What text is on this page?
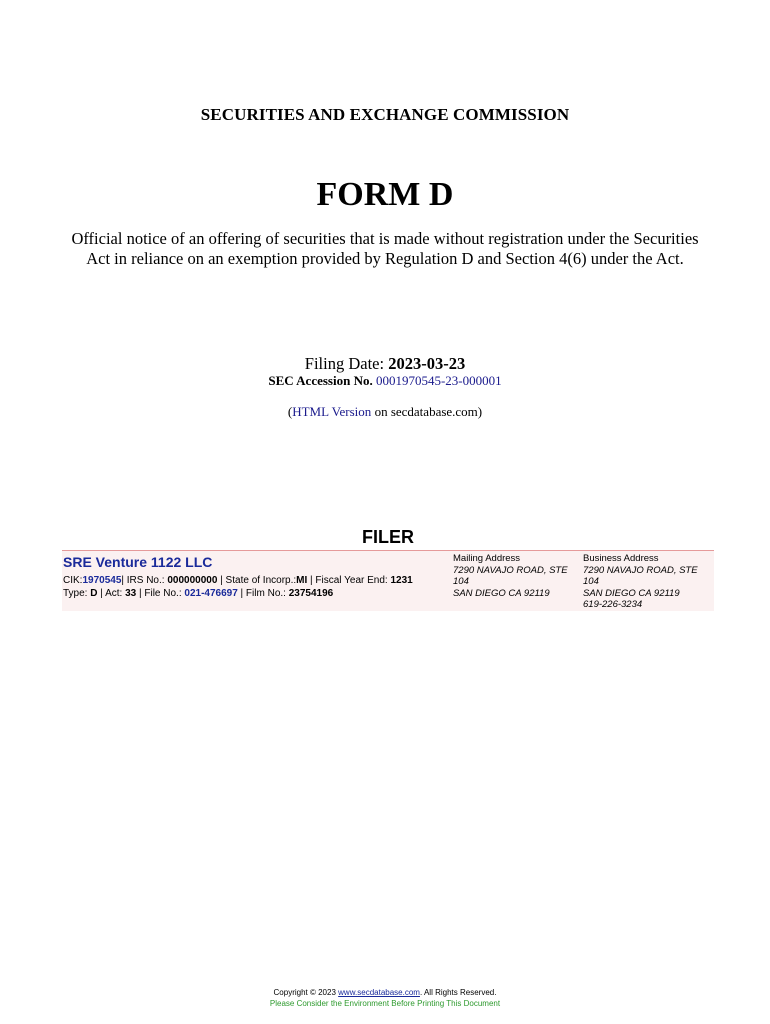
SECURITIES AND EXCHANGE COMMISSION
FORM D
Official notice of an offering of securities that is made without registration under the Securities Act in reliance on an exemption provided by Regulation D and Section 4(6) under the Act.
Filing Date: 2023-03-23
SEC Accession No. 0001970545-23-000001
(HTML Version on secdatabase.com)
FILER
SRE Venture 1122 LLC
CIK:1970545| IRS No.: 000000000 | State of Incorp.:MI | Fiscal Year End: 1231
Type: D | Act: 33 | File No.: 021-476697 | Film No.: 23754196
Mailing Address
7290 NAVAJO ROAD, STE
104
SAN DIEGO CA 92119
Business Address
7290 NAVAJO ROAD, STE
104
SAN DIEGO CA 92119
619-226-3234
Copyright © 2023 www.secdatabase.com. All Rights Reserved.
Please Consider the Environment Before Printing This Document
